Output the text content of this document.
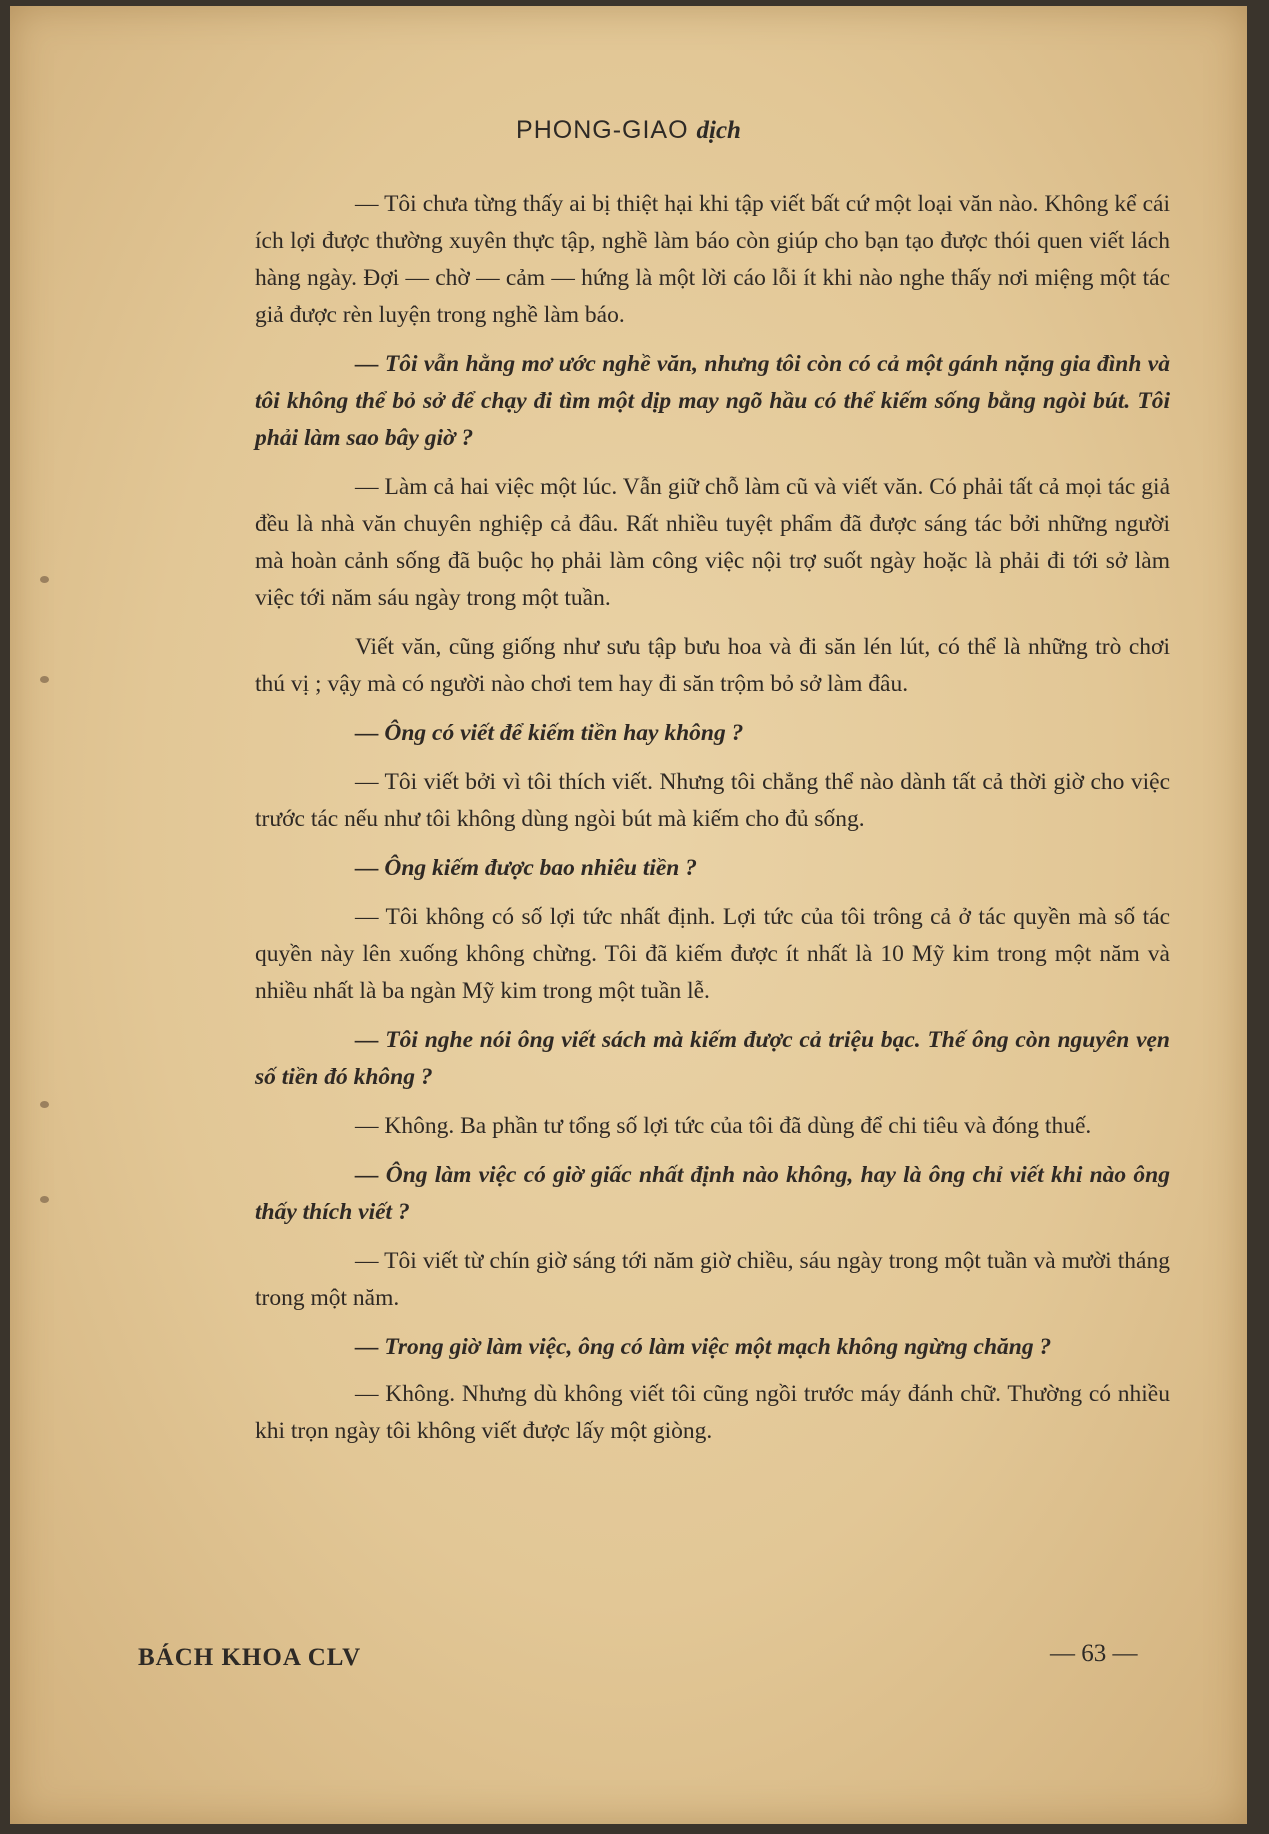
PHONG-GIAO dịch

— Tôi chưa từng thấy ai bị thiệt hại khi tập viết bất cứ một loại văn nào. Không kể cái ích lợi được thường xuyên thực tập, nghề làm báo còn giúp cho bạn tạo được thói quen viết lách hàng ngày. Đợi — chờ — cảm — hứng là một lời cáo lỗi ít khi nào nghe thấy nơi miệng một tác giả được rèn luyện trong nghề làm báo.

— Tôi vẫn hằng mơ ước nghề văn, nhưng tôi còn có cả một gánh nặng gia đình và tôi không thể bỏ sở để chạy đi tìm một dịp may ngõ hầu có thể kiếm sống bằng ngòi bút. Tôi phải làm sao bây giờ ?

— Làm cả hai việc một lúc. Vẫn giữ chỗ làm cũ và viết văn. Có phải tất cả mọi tác giả đều là nhà văn chuyên nghiệp cả đâu. Rất nhiều tuyệt phẩm đã được sáng tác bởi những người mà hoàn cảnh sống đã buộc họ phải làm công việc nội trợ suốt ngày hoặc là phải đi tới sở làm việc tới năm sáu ngày trong một tuần.

Viết văn, cũng giống như sưu tập bưu hoa và đi săn lén lút, có thể là những trò chơi thú vị ; vậy mà có người nào chơi tem hay đi săn trộm bỏ sở làm đâu.

— Ông có viết để kiếm tiền hay không ?

— Tôi viết bởi vì tôi thích viết. Nhưng tôi chẳng thể nào dành tất cả thời giờ cho việc trước tác nếu như tôi không dùng ngòi bút mà kiếm cho đủ sống.

— Ông kiếm được bao nhiêu tiền ?

— Tôi không có số lợi tức nhất định. Lợi tức của tôi trông cả ở tác quyền mà số tác quyền này lên xuống không chừng. Tôi đã kiếm được ít nhất là 10 Mỹ kim trong một năm và nhiều nhất là ba ngàn Mỹ kim trong một tuần lễ.

— Tôi nghe nói ông viết sách mà kiếm được cả triệu bạc. Thế ông còn nguyên vẹn số tiền đó không ?

— Không. Ba phần tư tổng số lợi tức của tôi đã dùng để chi tiêu và đóng thuế.

— Ông làm việc có giờ giấc nhất định nào không, hay là ông chỉ viết khi nào ông thấy thích viết ?

— Tôi viết từ chín giờ sáng tới năm giờ chiều, sáu ngày trong một tuần và mười tháng trong một năm.

— Trong giờ làm việc, ông có làm việc một mạch không ngừng chăng ?

— Không. Nhưng dù không viết tôi cũng ngồi trước máy đánh chữ. Thường có nhiều khi trọn ngày tôi không viết được lấy một giòng.

BÁCH KHOA CLV	— 63 —
